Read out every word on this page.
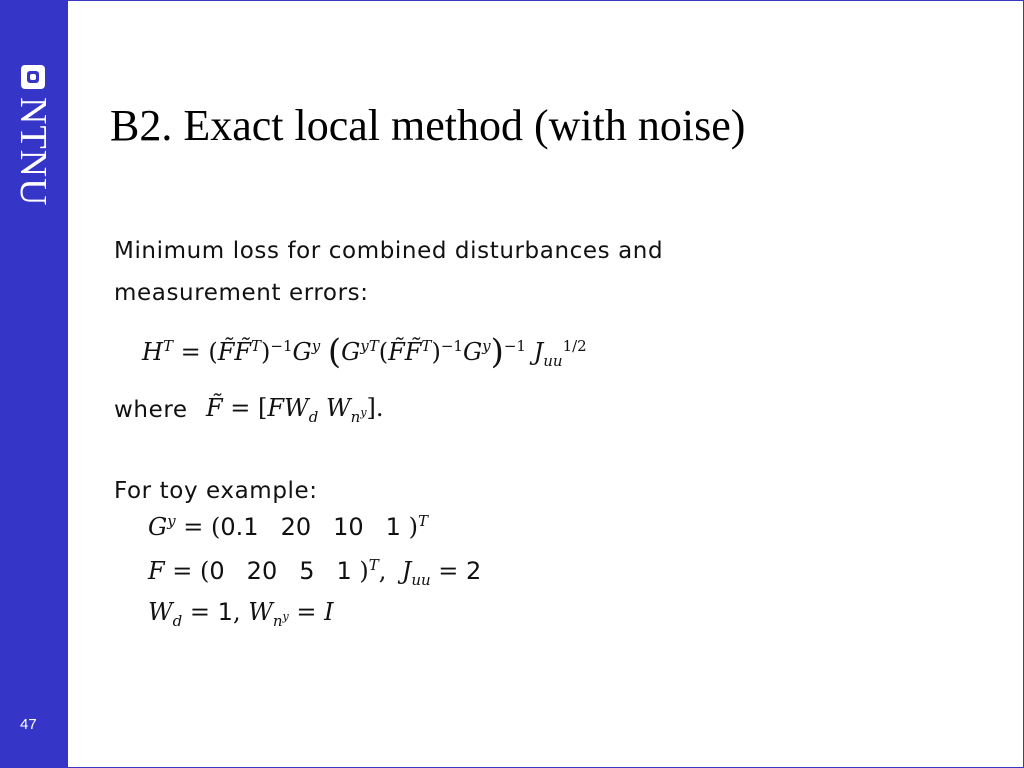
NTNU
47
B2. Exact local method (with noise)
Minimum loss for combined disturbances and
measurement errors:
$H^T$ = $(F̃F̃^T)^{-1}G^y$ $(G^{yT}(F̃F̃^T)^{-1}G^y)^{-1}$ $J_{uu}^{1/2}$
where F̃ = [$FW_d$ $W_{n^y}$].
For toy example:
$G^y = (0.1$ 20 10 1 )$^T$
F = (0 20 5 1 )$^T$,  $J_{uu} = 2$
$W_d = 1$, $W_{n^y} = I$
